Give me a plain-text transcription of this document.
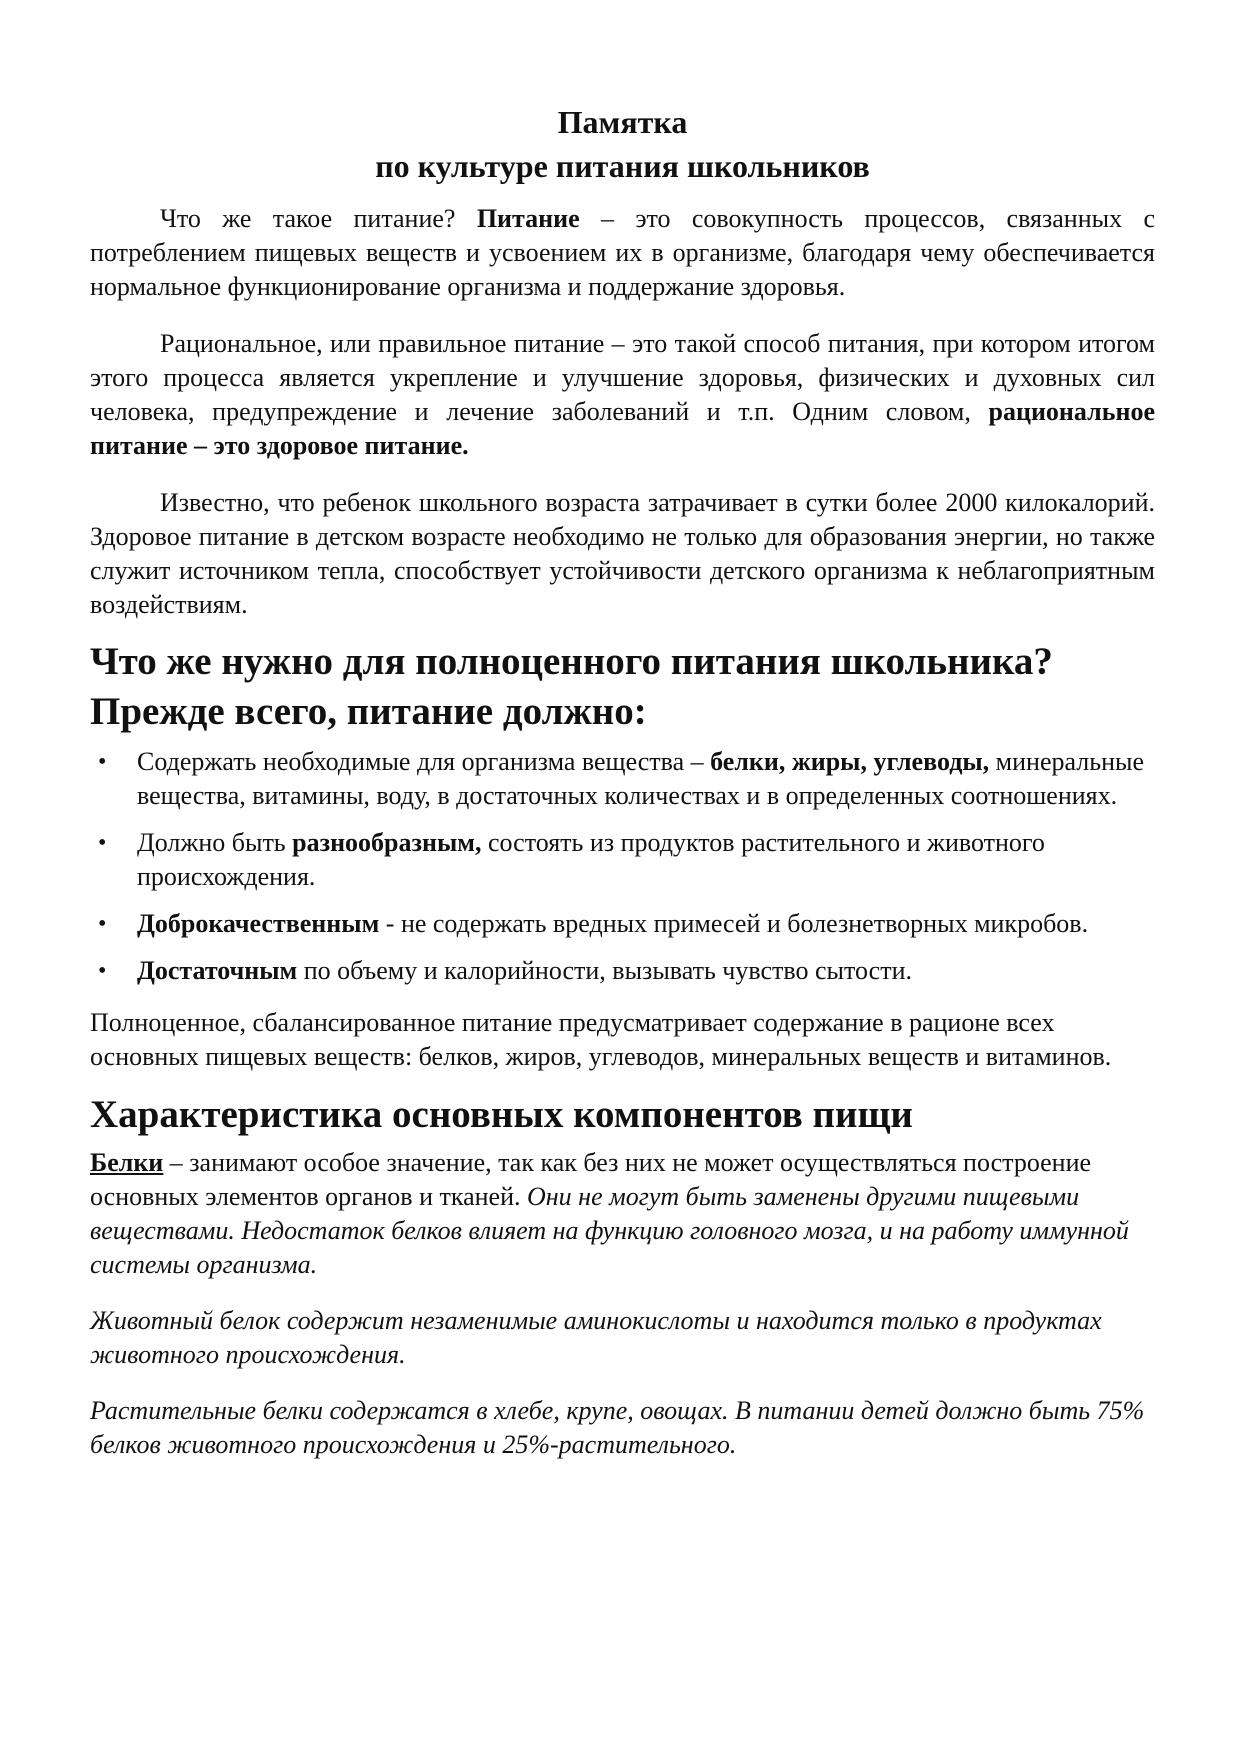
Памятка
по культуре питания школьников

Что же такое питание? Питание – это совокупность процессов, связанных с потреблением пищевых веществ и усвоением их в организме, благодаря чему обеспечивается нормальное функционирование организма и поддержание здоровья.

Рациональное, или правильное питание – это такой способ питания, при котором итогом этого процесса является укрепление и улучшение здоровья, физических и духовных сил человека, предупреждение и лечение заболеваний и т.п. Одним словом, рациональное питание – это здоровое питание.

Известно, что ребенок школьного возраста затрачивает в сутки более 2000 килокалорий. Здоровое питание в детском возрасте необходимо не только для образования энергии, но также служит источником тепла, способствует устойчивости детского организма к неблагоприятным воздействиям.

Что же нужно для полноценного питания школьника?
Прежде всего, питание должно:
•	Содержать необходимые для организма вещества – белки, жиры, углеводы, минеральные вещества, витамины, воду, в достаточных количествах и в определенных соотношениях.
•	Должно быть разнообразным, состоять из продуктов растительного и животного происхождения.
•	Доброкачественным - не содержать вредных примесей и болезнетворных микробов.
•	Достаточным по объему и калорийности, вызывать чувство сытости.

Полноценное, сбалансированное питание предусматривает содержание в рационе всех основных пищевых веществ: белков, жиров, углеводов, минеральных веществ и витаминов.

Характеристика основных компонентов пищи

Белки – занимают особое значение, так как без них не может осуществляться построение основных элементов органов и тканей. Они не могут быть заменены другими пищевыми веществами. Недостаток белков влияет на функцию головного мозга, и на работу иммунной системы организма.

Животный белок содержит незаменимые аминокислоты и находится только в продуктах животного происхождения.

Растительные белки содержатся в хлебе, крупе, овощах. В питании детей должно быть 75% белков животного происхождения и 25%-растительного.
